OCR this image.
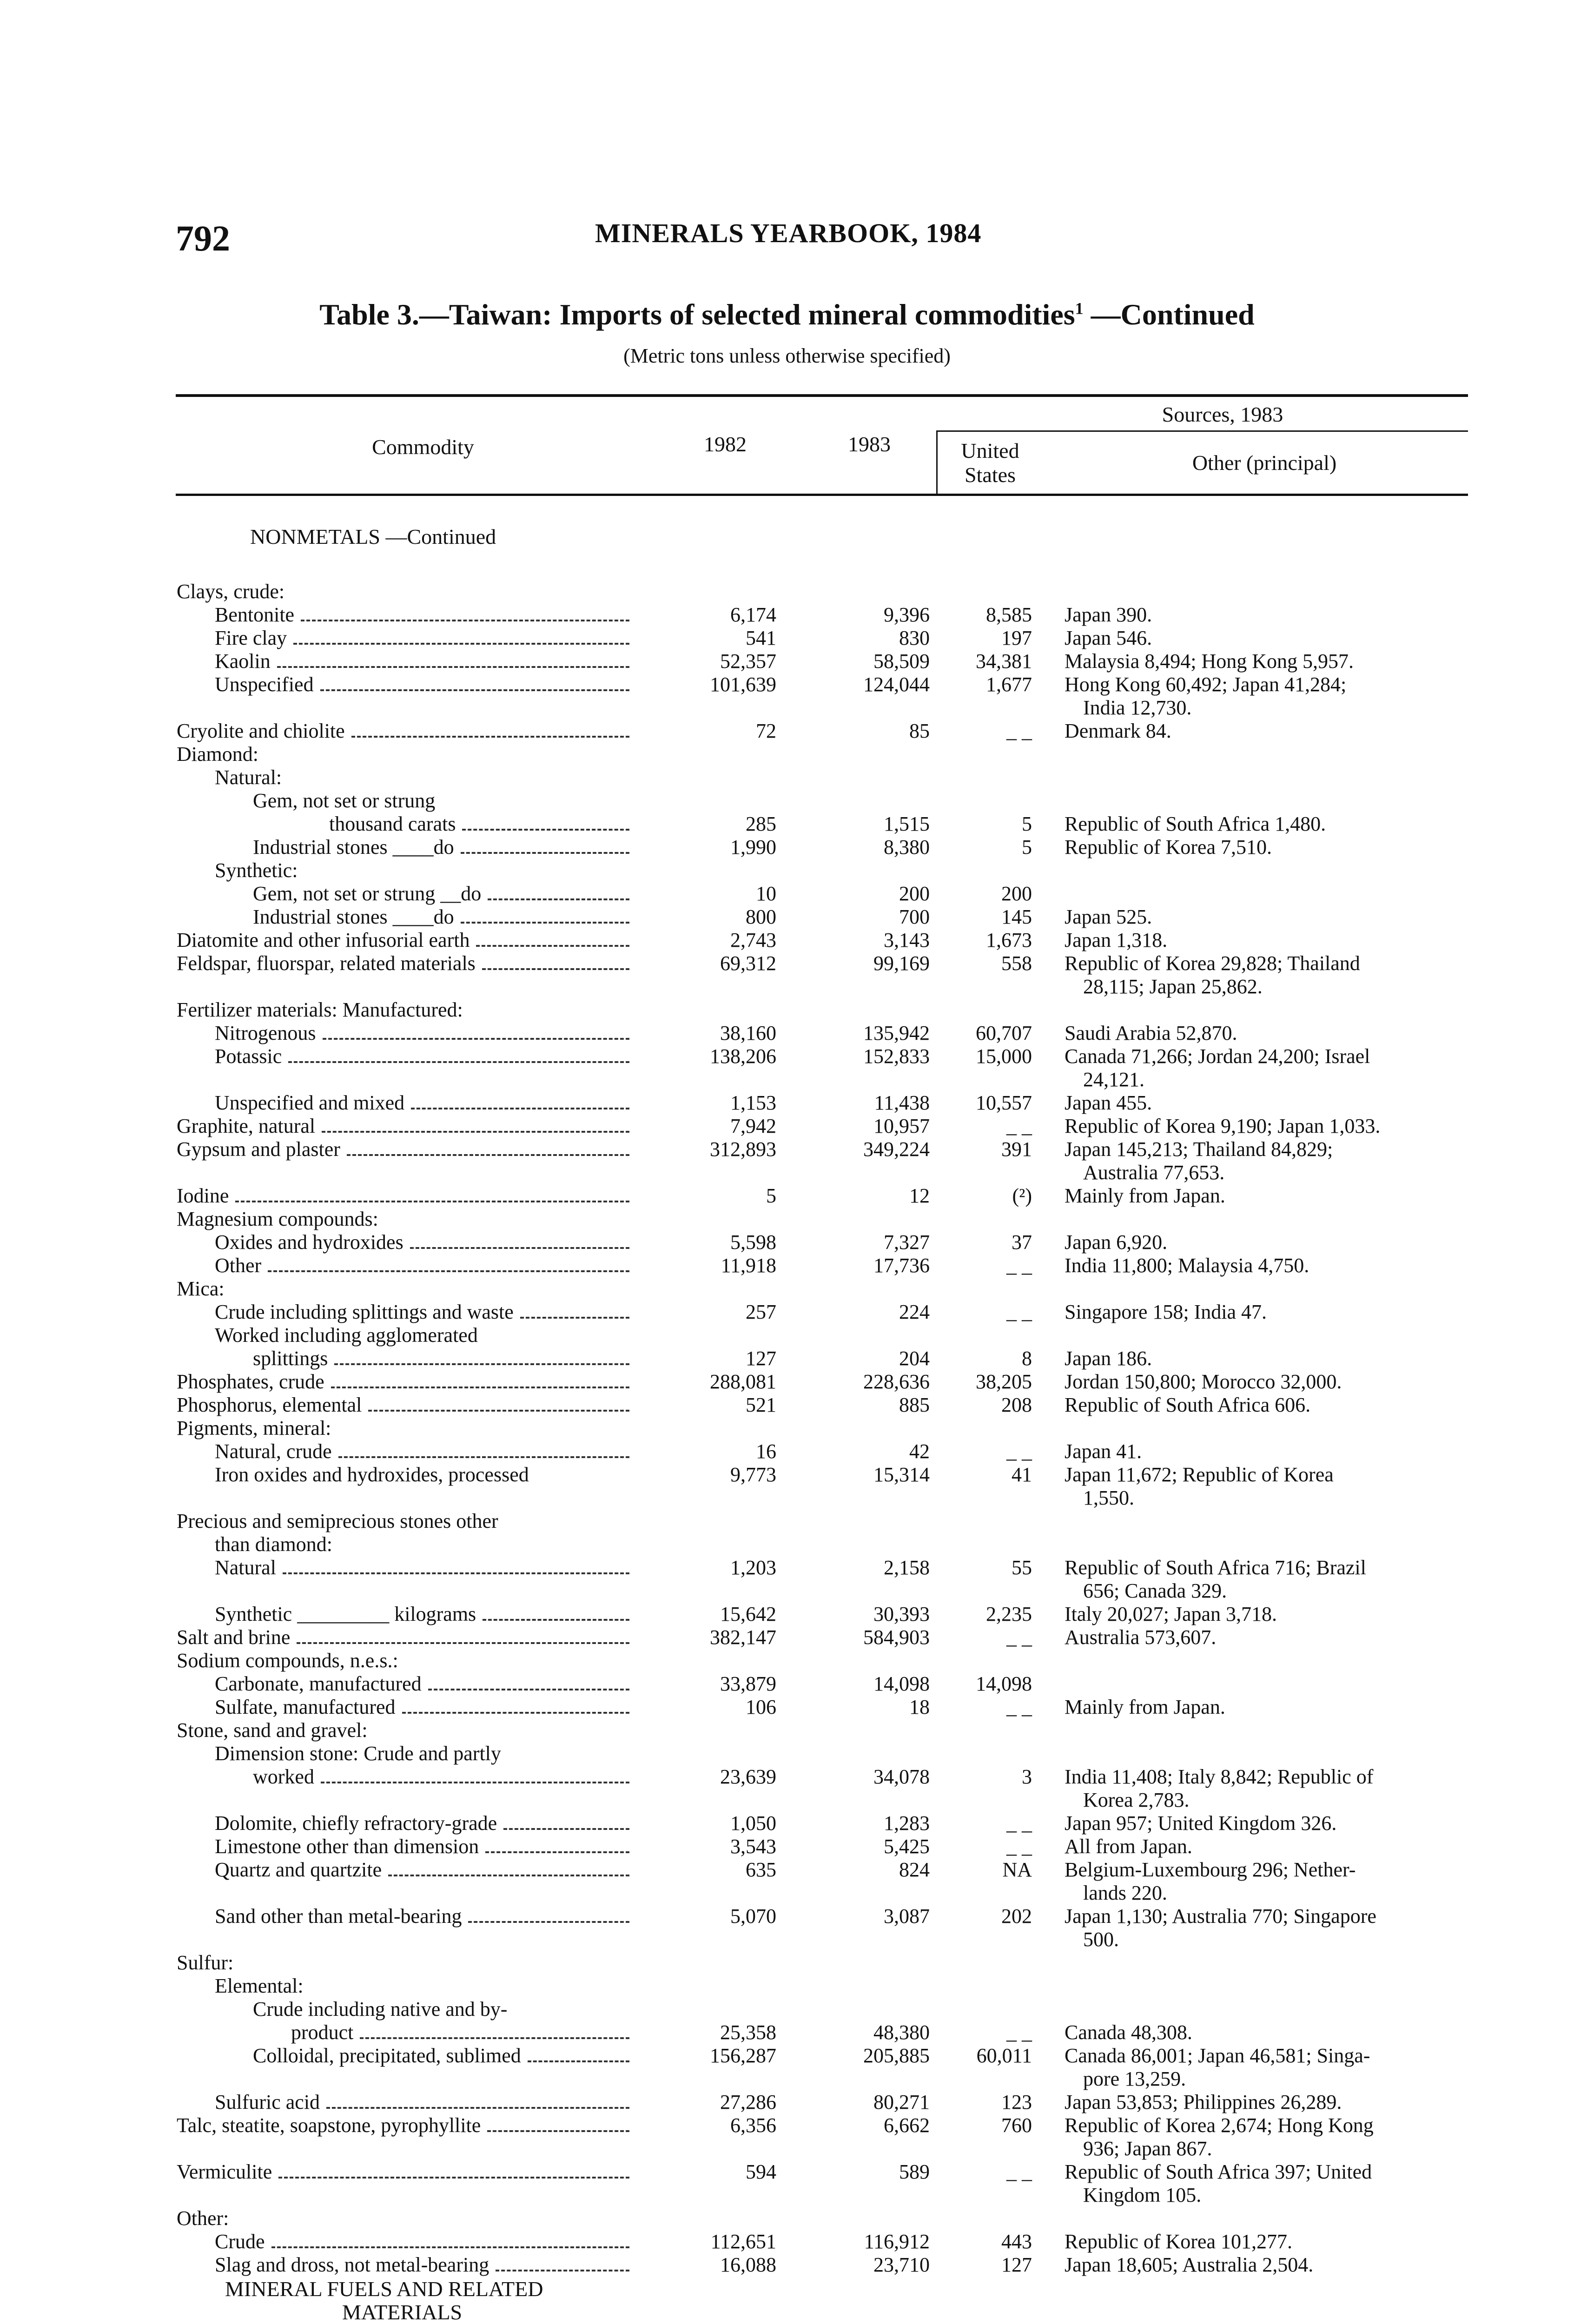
792	MINERALS YEARBOOK, 1984
Table 3.—Taiwan: Imports of selected mineral commodities$^1$ —Continued
(Metric tons unless otherwise specified)
Commodity	1982	1983
Sources, 1983
United States
Other (principal)
NONMETALS —Continued
Clays, crude:
Bentonite	6,174	9,396	8,585 Japan 390.
Fire clay	541	830	197 Japan 546.
Kaolin	52,357	58,509	34,381 Malaysia 8,494; Hong Kong 5,957.
Unspecified	101,639	124,044	1,677 Hong Kong 60,492; Japan 41,284;
India 12,730.
Cryolite and chiolite	72	85	_ _ Denmark 84.
Diamond:
Natural:
Gem, not set or strung
thousand carats	285	1,515	5 Republic of South Africa 1,480.
Industrial stones ____do	1,990	8,380	5 Republic of Korea 7,510.
Synthetic:
Gem, not set or strung __do	10	200	200
Industrial stones ____do	800	700	145 Japan 525.
Diatomite and other infusorial earth	2,743	3,143	1,673 Japan 1,318.
Feldspar, fluorspar, related materials	69,312	99,169	558 Republic of Korea 29,828; Thailand
28,115; Japan 25,862.
Fertilizer materials: Manufactured:
Nitrogenous	38,160	135,942	60,707 Saudi Arabia 52,870.
Potassic	138,206	152,833	15,000 Canada 71,266; Jordan 24,200; Israel
24,121.
Unspecified and mixed	1,153	11,438	10,557 Japan 455.
Graphite, natural	7,942	10,957	_ _ Republic of Korea 9,190; Japan 1,033.
Gypsum and plaster	312,893	349,224	391 Japan 145,213; Thailand 84,829;
Australia 77,653.
Iodine	5	12	(²) Mainly from Japan.
Magnesium compounds:
Oxides and hydroxides	5,598	7,327	37 Japan 6,920.
Other	11,918	17,736	_ _ India 11,800; Malaysia 4,750.
Mica:
Crude including splittings and waste	257	224	_ _ Singapore 158; India 47.
Worked including agglomerated
splittings	127	204	8 Japan 186.
Phosphates, crude	288,081	228,636	38,205 Jordan 150,800; Morocco 32,000.
Phosphorus, elemental	521	885	208 Republic of South Africa 606.
Pigments, mineral:
Natural, crude	16	42	_ _ Japan 41.
Iron oxides and hydroxides, processed	9,773	15,314	41 Japan 11,672; Republic of Korea
1,550.
Precious and semiprecious stones other
than diamond:
Natural	1,203	2,158	55 Republic of South Africa 716; Brazil
656; Canada 329.
Synthetic _________ kilograms	15,642	30,393	2,235 Italy 20,027; Japan 3,718.
Salt and brine	382,147	584,903	_ _ Australia 573,607.
Sodium compounds, n.e.s.:
Carbonate, manufactured	33,879	14,098	14,098
Sulfate, manufactured	106	18	_ _ Mainly from Japan.
Stone, sand and gravel:
Dimension stone: Crude and partly
worked	23,639	34,078	3 India 11,408; Italy 8,842; Republic of
Korea 2,783.
Dolomite, chiefly refractory-grade	1,050	1,283	_ _ Japan 957; United Kingdom 326.
Limestone other than dimension	3,543	5,425	_ _ All from Japan.
Quartz and quartzite	635	824	NA Belgium-Luxembourg 296; Nether-
lands 220.
Sand other than metal-bearing	5,070	3,087	202 Japan 1,130; Australia 770; Singapore
500.
Sulfur:
Elemental:
Crude including native and by-
product	25,358	48,380	_ _ Canada 48,308.
Colloidal, precipitated, sublimed	156,287	205,885	60,011 Canada 86,001; Japan 46,581; Singa-
pore 13,259.
Sulfuric acid	27,286	80,271	123 Japan 53,853; Philippines 26,289.
Talc, steatite, soapstone, pyrophyllite	6,356	6,662	760 Republic of Korea 2,674; Hong Kong
936; Japan 867.
Vermiculite	594	589	_ _ Republic of South Africa 397; United
Kingdom 105.
Other:
Crude	112,651	116,912	443 Republic of Korea 101,277.
Slag and dross, not metal-bearing	16,088	23,710	127 Japan 18,605; Australia 2,504.
MINERAL FUELS AND RELATED
MATERIALS
